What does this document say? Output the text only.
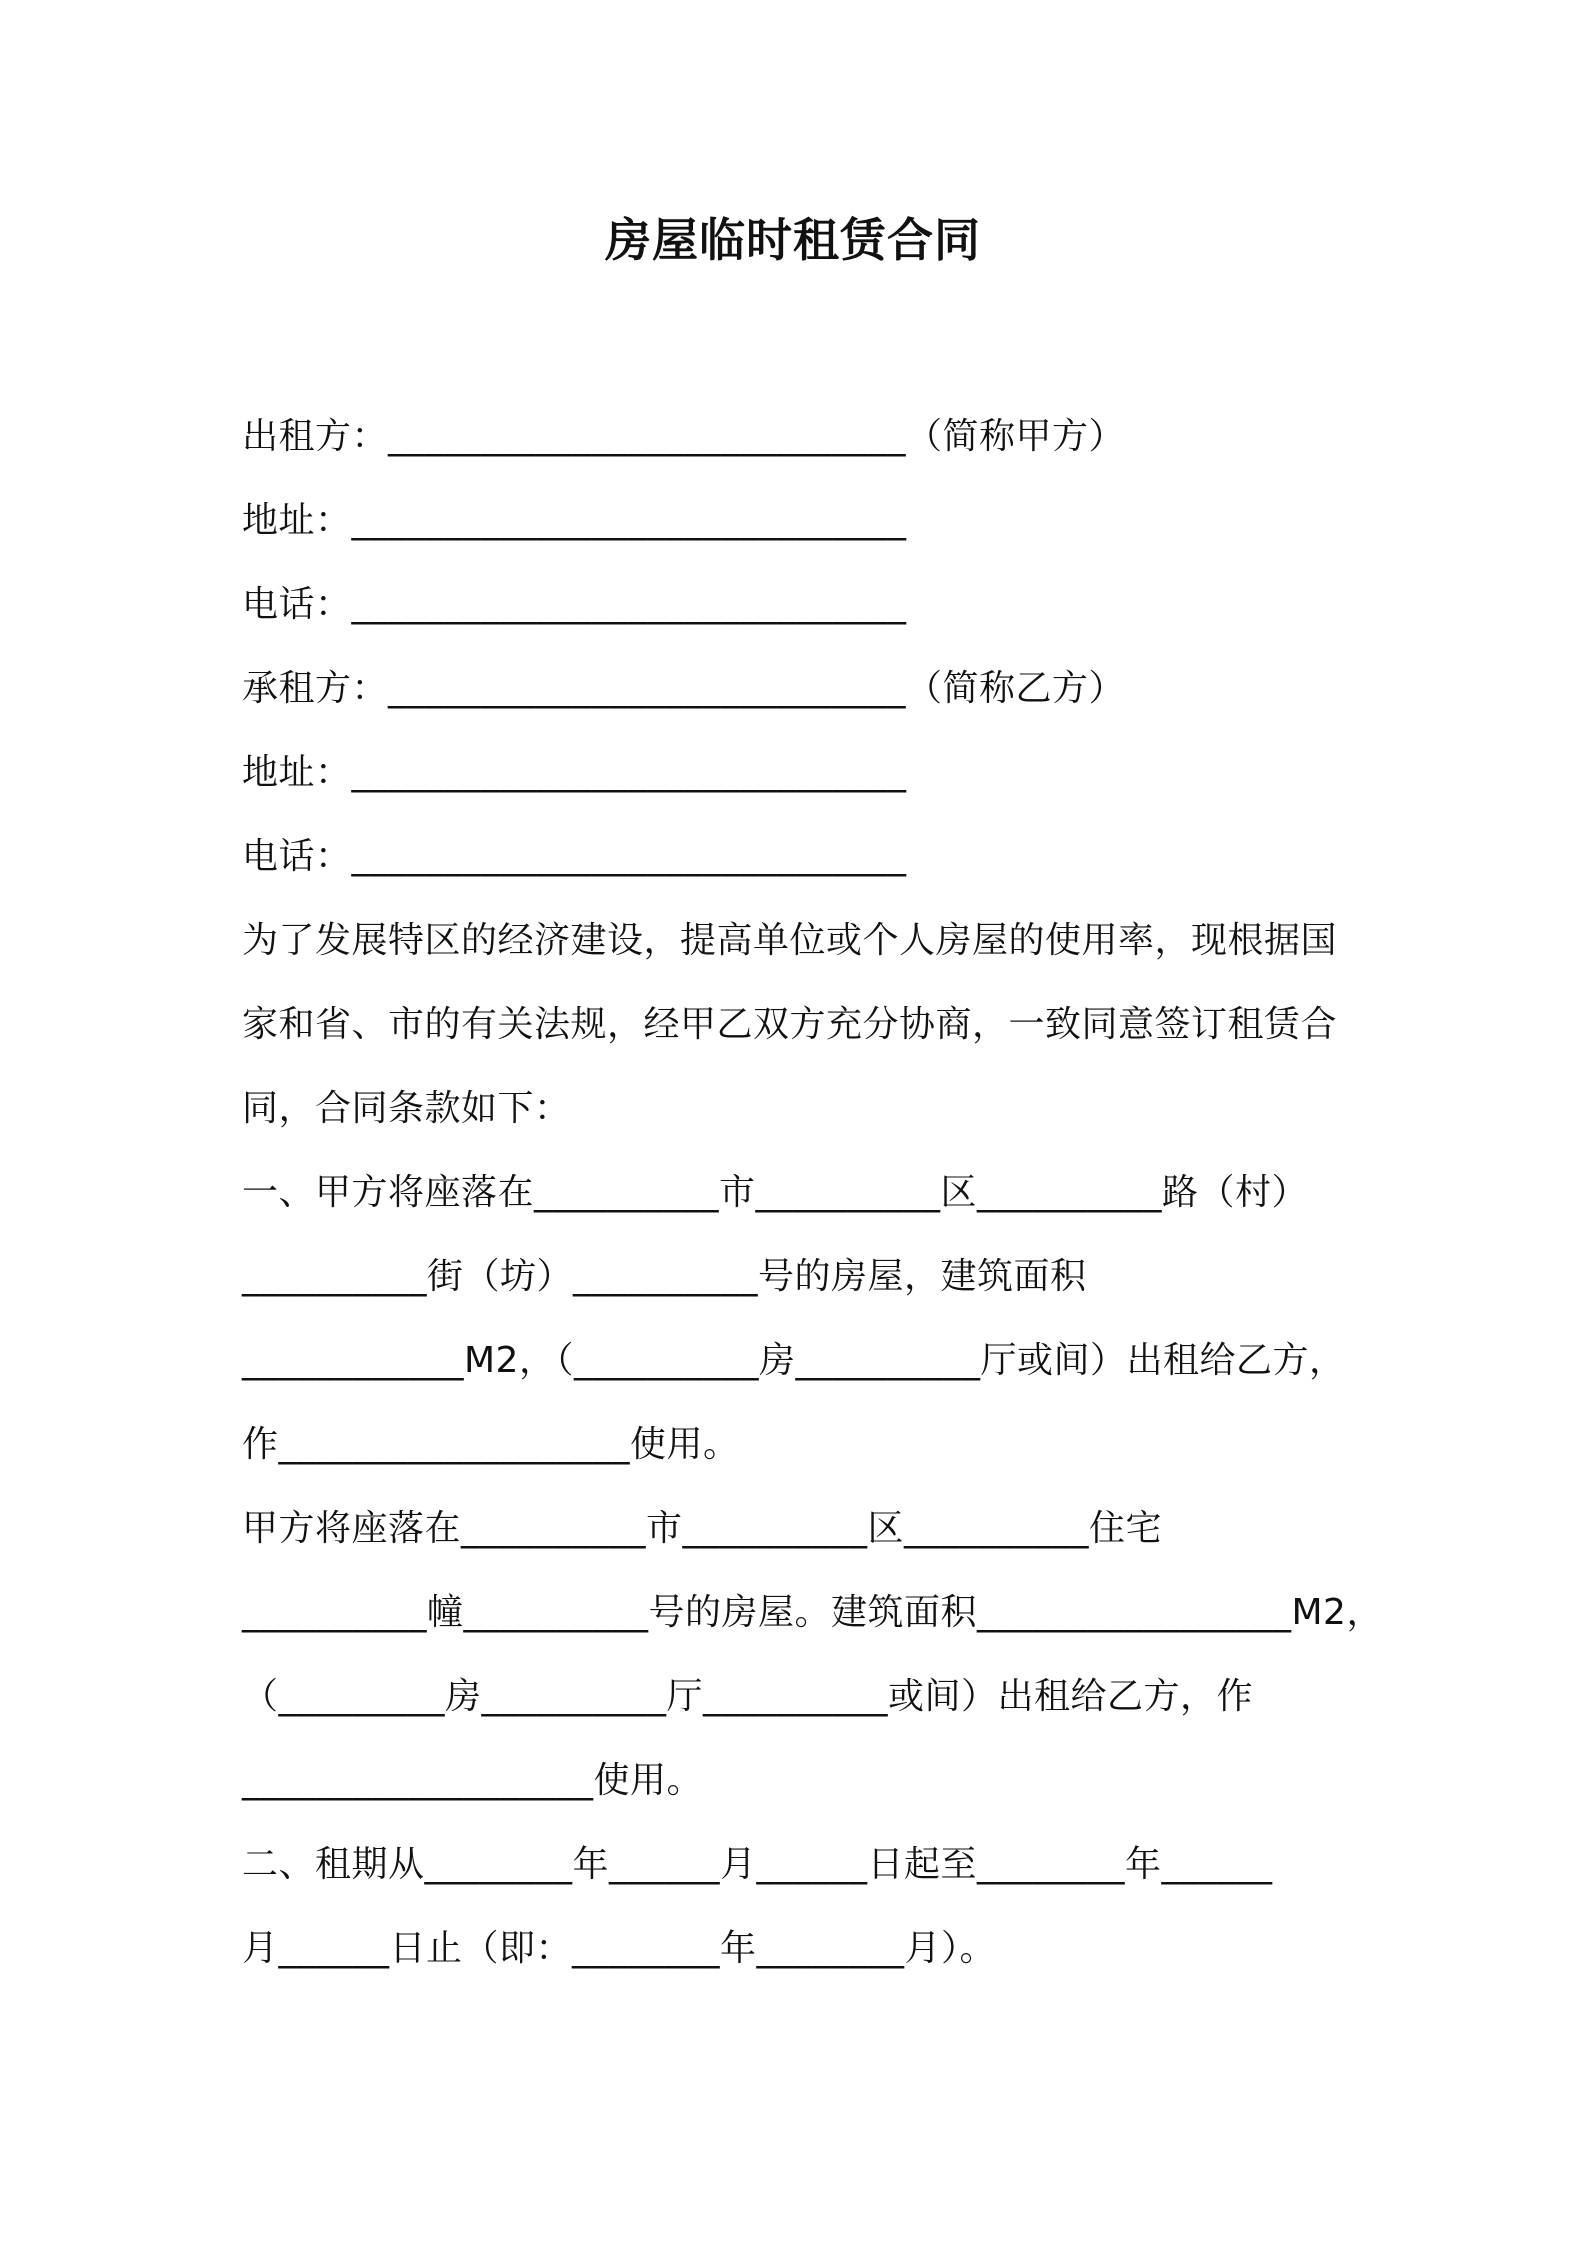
房屋临时租赁合同
出租方：____________________________（简称甲方）
地址：______________________________
电话：______________________________
承租方：____________________________（简称乙方）
地址：______________________________
电话：______________________________
为了发展特区的经济建设，提高单位或个人房屋的使用率，现根据国
家和省、市的有关法规，经甲乙双方充分协商，一致同意签订租赁合
同，合同条款如下：
一、甲方将座落在__________市__________区__________路（村）
__________街（坊）__________号的房屋，建筑面积
____________M2，（__________房__________厅或间）出租给乙方，
作___________________使用。
甲方将座落在__________市__________区__________住宅
__________幢__________号的房屋。建筑面积_________________M2，
（_________房__________厅__________或间）出租给乙方，作
___________________使用。
二、租期从________年______月______日起至________年______
月______日止（即：________年________月）。
